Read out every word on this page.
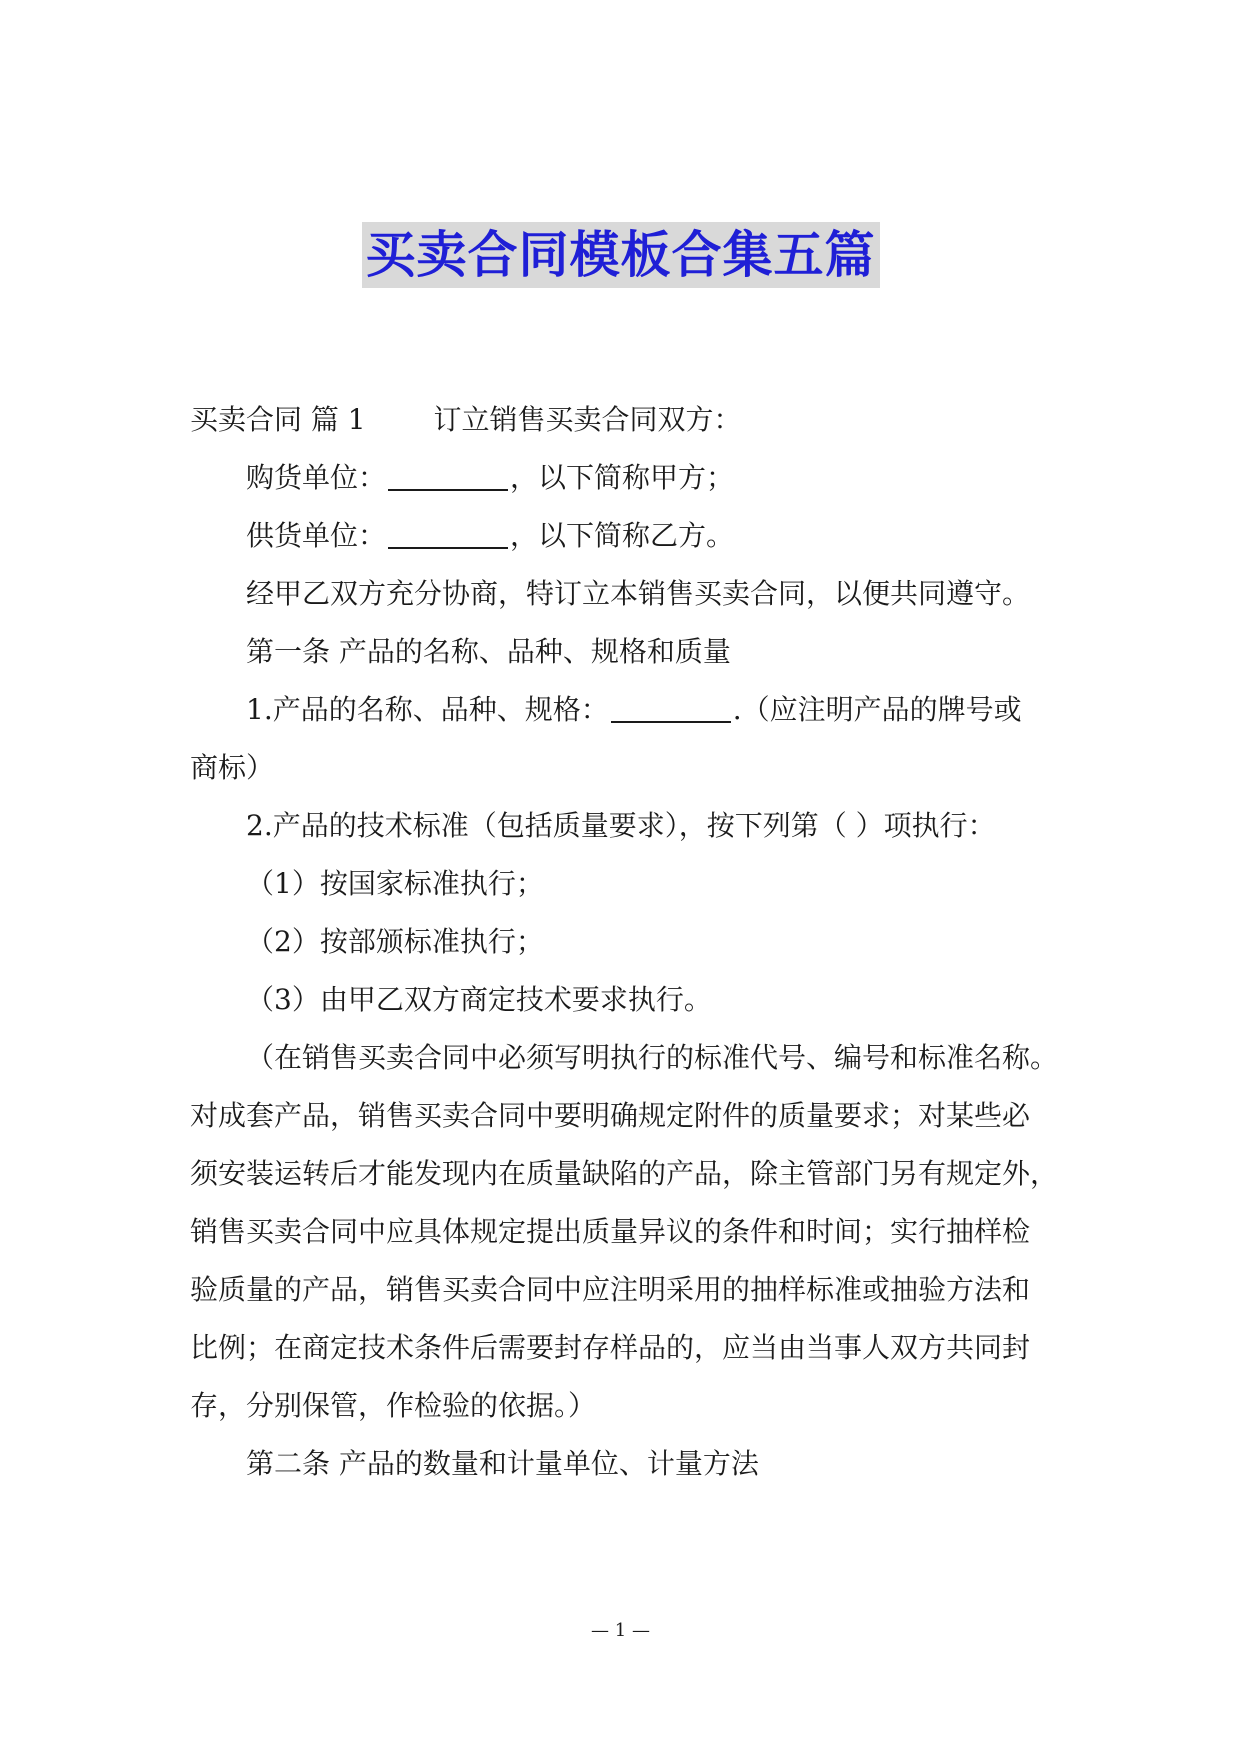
买卖合同模板合集五篇
买卖合同 篇 1 订立销售买卖合同双方：
购货单位：	，以下简称甲方；
供货单位：	，以下简称乙方。
经甲乙双方充分协商，特订立本销售买卖合同，以便共同遵守。
第一条 产品的名称、品种、规格和质量
1.产品的名称、品种、规格：	.（应注明产品的牌号或
商标）
2.产品的技术标准（包括质量要求），按下列第（ ）项执行：
（1）按国家标准执行；
（2）按部颁标准执行；
（3）由甲乙双方商定技术要求执行。
（在销售买卖合同中必须写明执行的标准代号、编号和标准名称。
对成套产品，销售买卖合同中要明确规定附件的质量要求；对某些必
须安装运转后才能发现内在质量缺陷的产品，除主管部门另有规定外，
销售买卖合同中应具体规定提出质量异议的条件和时间；实行抽样检
验质量的产品，销售买卖合同中应注明采用的抽样标准或抽验方法和
比例；在商定技术条件后需要封存样品的，应当由当事人双方共同封
存，分别保管，作检验的依据。）
第二条 产品的数量和计量单位、计量方法
— 1 —
